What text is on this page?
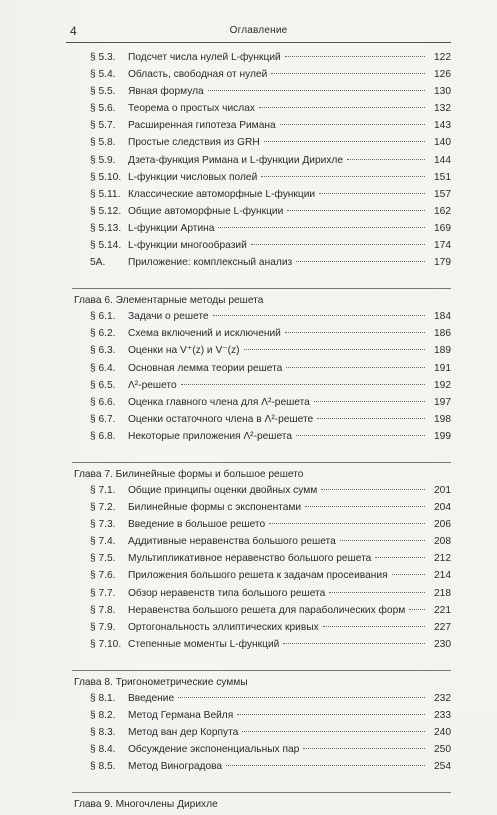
4	Оглавление
§ 5.3.	Подсчет числа нулей L-функций	122
§ 5.4.	Область, свободная от нулей	126
§ 5.5.	Явная формула	130
§ 5.6.	Теорема о простых числах	132
§ 5.7.	Расширенная гипотеза Римана	143
§ 5.8.	Простые следствия из GRH	140
§ 5.9.	Дзета-функция Римана и L-функции Дирихле	144
§ 5.10. L-функции числовых полей	151
§ 5.11. Классические автоморфные L-функции	157
§ 5.12. Общие автоморфные L-функции	162
§ 5.13. L-функции Артина	169
§ 5.14. L-функции многообразий	174
5A.	Приложение: комплексный анализ	179
Глава 6. Элементарные методы решета
§ 6.1.	Задачи о решете	184
§ 6.2.	Схема включений и исключений	186
§ 6.3.	Оценки на V⁺(z) и V⁻(z)	189
§ 6.4.	Основная лемма теории решета	191
§ 6.5.	Λ²-решето	192
§ 6.6.	Оценка главного члена для Λ²-решета	197
§ 6.7.	Оценки остаточного члена в Λ²-решете	198
§ 6.8.	Некоторые приложения Λ²-решета	199
Глава 7. Билинейные формы и большое решето
§ 7.1.	Общие принципы оценки двойных сумм	201
§ 7.2.	Билинейные формы с экспонентами	204
§ 7.3.	Введение в большое решето	206
§ 7.4.	Аддитивные неравенства большого решета	208
§ 7.5.	Мультипликативное неравенство большого решета	212
§ 7.6.	Приложения большого решета к задачам просеивания	214
§ 7.7.	Обзор неравенств типа большого решета	218
§ 7.8.	Неравенства большого решета для параболических форм	221
§ 7.9.	Ортогональность эллиптических кривых	227
§ 7.10. Степенные моменты L-функций	230
Глава 8. Тригонометрические суммы
§ 8.1.	Введение	232
§ 8.2.	Метод Германа Вейля	233
§ 8.3.	Метод ван дер Корпута	240
§ 8.4.	Обсуждение экспоненциальных пар	250
§ 8.5.	Метод Виноградова	254
Глава 9. Многочлены Дирихле
